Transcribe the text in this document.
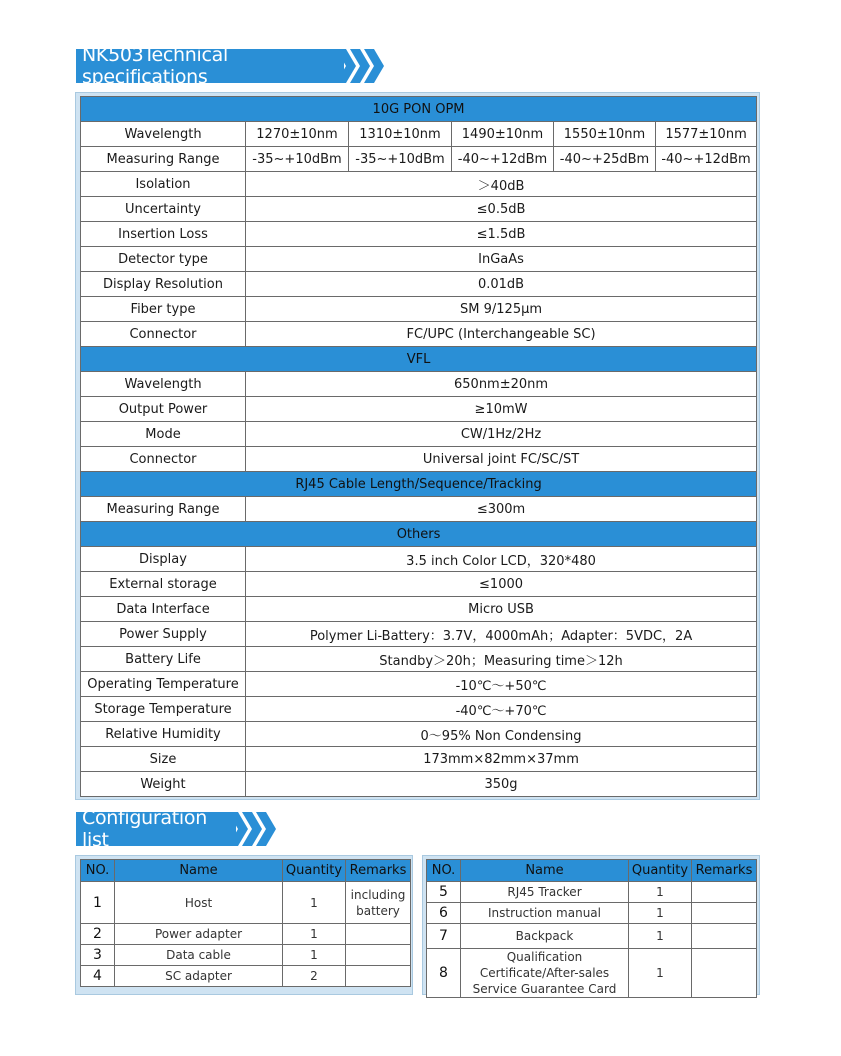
NK503Technical specifications
10G PON OPM					
Wavelength	1270±10nm	1310±10nm	1490±10nm	1550±10nm	1577±10nm
Measuring Range	-35~+10dBm	-35~+10dBm	-40~+12dBm	-40~+25dBm	-40~+12dBm
Isolation	＞40dB				
Uncertainty	≤0.5dB				
Insertion Loss	≤1.5dB				
Detector type	InGaAs				
Display Resolution	0.01dB				
Fiber type	SM 9/125μm				
Connector	FC/UPC (Interchangeable SC)				
VFL					
Wavelength	650nm±20nm				
Output Power	≥10mW				
Mode	CW/1Hz/2Hz				
Connector	Universal joint FC/SC/ST				
RJ45 Cable Length/Sequence/Tracking					
Measuring Range	≤300m				
Others					
Display	3.5 inch Color LCD，320*480				
External storage	≤1000				
Data Interface	Micro USB				
Power Supply	Polymer Li-Battery：3.7V，4000mAh；Adapter：5VDC，2A				
Battery Life	Standby＞20h；Measuring time＞12h				
Operating Temperature	-10℃～+50℃				
Storage Temperature	-40℃～+70℃				
Relative Humidity	0～95% Non Condensing				
Size	173mm×82mm×37mm				
Weight	350g				
Configuration list
NO.	Name	Quantity	Remarks
1	Host	1	including battery
2	Power adapter	1	
3	Data cable	1	
4	SC adapter	2	
NO.	Name	Quantity	Remarks
5	RJ45 Tracker	1	
6	Instruction manual	1	
7	Backpack	1	
8	Qualification Certificate/After-sales Service Guarantee Card	1	
